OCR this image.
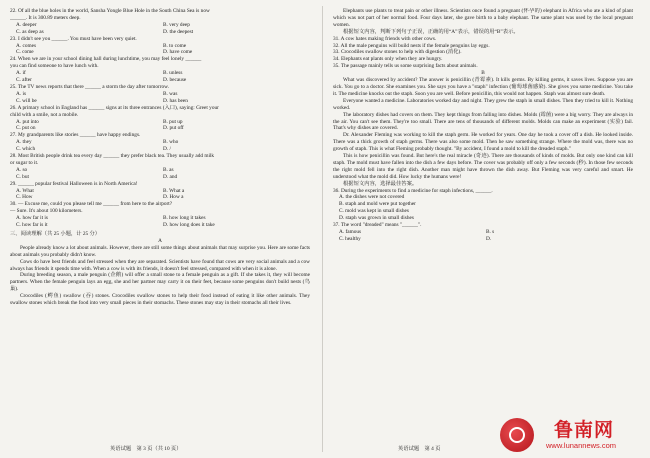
22. Of all the blue holes in the world, Sansha Yongle Blue Hole in the South China Sea is now
______. It is 300.89 meters deep.
A. deeper	B. very deep
C. as deep as	D. the deepest
23. I didn't see you ______. You must have been very quiet.
A. comes	B. to come
C. come	D. have come
24. When we are in your school dining hall during lunchtime, you may feel lonely ______
you can find someone to have lunch with.
A. if	B. unless
C. after	D. because
25. The TV news reports that there ______ a storm the day after tomorrow.
A. is	B. was
C. will be	D. has been
26. A primary school in England has ______ signs at its three entrances (入口), saying: Greet your
child with a smile, not a mobile.
A. put into	B. put up
C. put on	D. put off
27. My grandparents like stories ______ have happy endings.
A. they	B. who
C. which	D. /
28. Most British people drink tea every day ______ they prefer black tea. They usually add milk
or sugar to it.
A. so	B. as
C. but	D. and
29. ______ popular festival Halloween is in North America!
A. What	B. What a
C. How	D. How a
30. — Excuse me, could you please tell me ______ from here to the airport?
— Sure. It's about 100 kilometers.
A. how far it is	B. how long it takes
C. how far is it	D. how long does it take
三、阅读理解（共 25 小题，计 25 分）
A

People already know a lot about animals. However, there are still some things about animals that may surprise you. Here are some facts about animals you probably didn't know.

Cows do have best friends and feel stressed when they are separated. Scientists have found that cows are very social animals and a cow always has friends it spends time with. When a cow is with its friends, it doesn't feel stressed, compared with when it is alone.

During breeding season, a male penguin (企鹅) will offer a small stone to a female penguin as a gift. If she takes it, they will become partners. When the female penguin lays an egg, she and her partner may carry it on their feet, because some penguins don't build nests (鸟巢).

Crocodiles (鳄鱼) swallow (吞) stones. Crocodiles swallow stones to help their food instead of eating it like other animals. They swallow stones which break the food into very small pieces in their stomachs. These stones may stay in their stomachs all their lives.

Elephants use plants to treat pain or other illness. Scientists once found a pregnant (怀孕的) elephant in Africa who ate a kind of plant which was not part of her normal food. Four days later, she gave birth to a baby elephant. The same plant was used by the local pregnant women.

根据短文内容，判断下列句子正误，正确的用“A”表示，错误的用“B”表示。

31. A cow hates making friends with other cows.
32. All the male penguins will build nests if the female penguins lay eggs.
33. Crocodiles swallow stones to help with digestion (消化).
34. Elephants eat plants only when they are hungry.
35. The passage mainly tells us some surprising facts about animals.
B

What was discovered by accident? The answer is penicillin (青霉素). It kills germs. By killing germs, it saves lives. Suppose you are sick. You go to a doctor. She examines you. She says you have a "staph" infection (葡萄球菌感染). She gives you some medicine. You take it. The medicine knocks out the staph. Soon you are well. Before penicillin, this would not happen. Staph was almost sure death.

Everyone wanted a medicine. Laboratories worked day and night. They grew the staph in small dishes. Then they tried to kill it. Nothing worked.

The laboratory dishes had covers on them. They kept things from falling into dishes. Molds (霉菌) were a big worry. They are always in the air. You can't see them. They're too small. There are tens of thousands of different molds. Molds can make an experiment (实验) fail. That's why dishes are covered.

Dr. Alexander Fleming was working to kill the staph germ. He worked for years. One day he took a cover off a dish. He looked inside. There was a thick growth of staph germs. There was also some mold. Then he saw something strange. Where the mold was, there was no growth of staph. This is what Fleming probably thought. "By accident, I found a mold to kill the dreaded staph."

This is how penicillin was found. But here's the real miracle (奇迹). There are thousands of kinds of molds. But only one kind can kill staph. The mold must have fallen into the dish a few days before. The cover was probably off only a few seconds (秒). In those few seconds the right mold fell into the right dish. Another man might have thrown the dish away. But Fleming was very careful and smart. He understood what the mold did. How lucky the humans were!

根据短文内容，选择最佳答案。

36. During the experiments to find a medicine for staph infections, ______.
A. the dishes were not covered
B. staph and mold were put together
C. mold was kept in small dishes
D. staph was grown in small dishes
37. The word "dreaded" means "______".
A. famous	B. s
C. healthy	D.
英语试题　第 3 页（共 10 页）	英语试题　第 4 页
鲁南网
www.lunannews.com
